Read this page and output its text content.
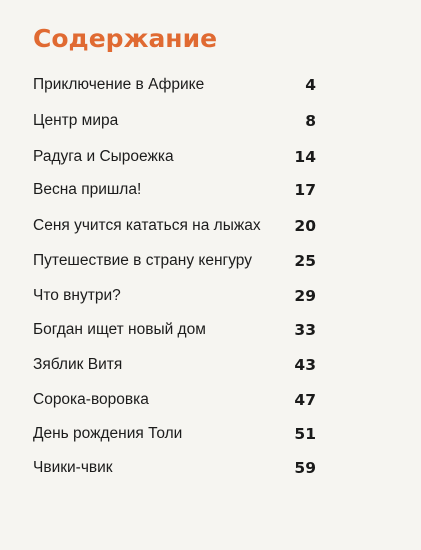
Содержание
Приключение в Африке	4
Центр мира	8
Радуга и Сыроежка	14
Весна пришла!	17
Сеня учится кататься на лыжах 20
Путешествие в страну кенгуру	25
Что внутри?	29
Богдан ищет новый дом	33
Зяблик Витя	43
Сорока-воровка	47
День рождения Толи	51
Чвики-чвик	59
